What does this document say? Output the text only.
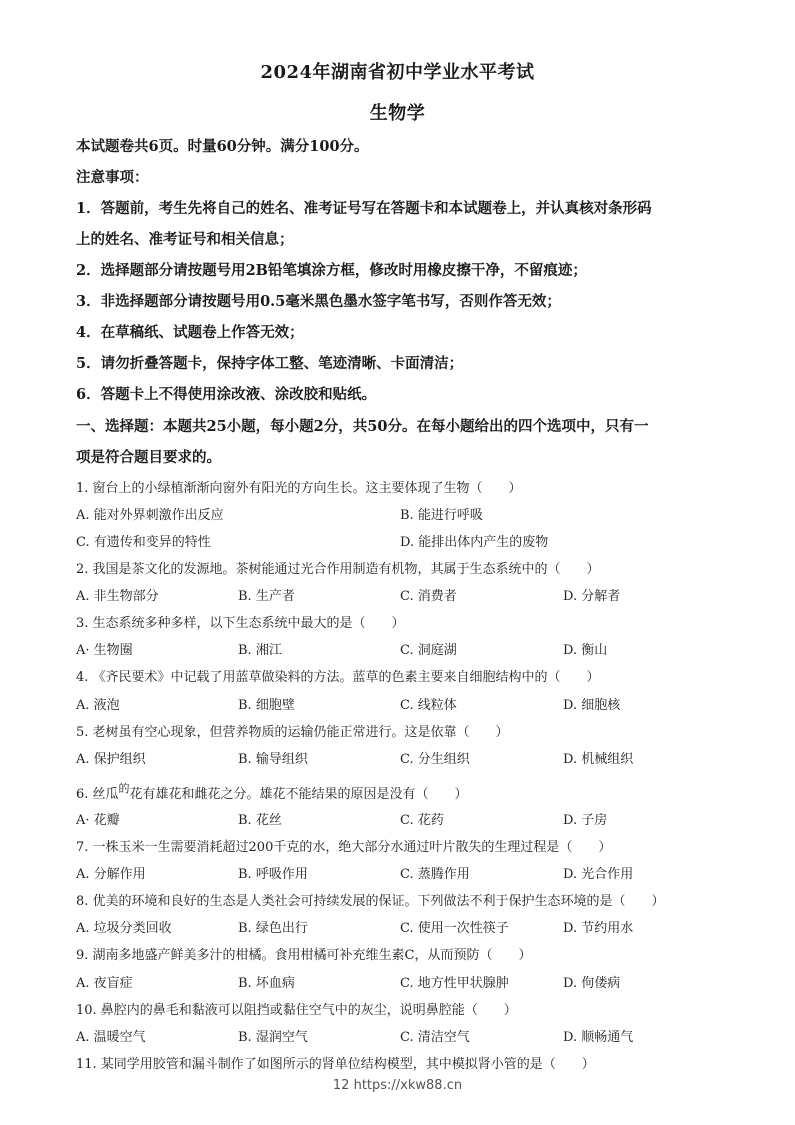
2024年湖南省初中学业水平考试
生物学
本试题卷共6页。时量60分钟。满分100分。
注意事项：
1．答题前，考生先将自己的姓名、准考证号写在答题卡和本试题卷上，并认真核对条形码
上的姓名、准考证号和相关信息；
2．选择题部分请按题号用2B铅笔填涂方框，修改时用橡皮擦干净，不留痕迹；
3．非选择题部分请按题号用0.5毫米黑色墨水签字笔书写，否则作答无效；
4．在草稿纸、试题卷上作答无效；
5．请勿折叠答题卡，保持字体工整、笔迹清晰、卡面清洁；
6．答题卡上不得使用涂改液、涂改胶和贴纸。
一、选择题：本题共25小题，每小题2分，共50分。在每小题给出的四个选项中，只有一
项是符合题目要求的。
1. 窗台上的小绿植渐渐向窗外有阳光的方向生长。这主要体现了生物（　　）
A. 能对外界刺激作出反应	B. 能进行呼吸
C. 有遗传和变异的特性	D. 能排出体内产生的废物
2. 我国是茶文化的发源地。茶树能通过光合作用制造有机物，其属于生态系统中的（　　）
A. 非生物部分	B. 生产者	C. 消费者	D. 分解者
3. 生态系统多种多样，以下生态系统中最大的是（　　）
A· 生物圈	B. 湘江	C. 洞庭湖	D. 衡山
4. 《齐民要术》中记载了用蓝草做染料的方法。蓝草的色素主要来自细胞结构中的（　　）
A. 液泡	B. 细胞壁	C. 线粒体	D. 细胞核
5. 老树虽有空心现象，但营养物质的运输仍能正常进行。这是依靠（　　）
A. 保护组织	B. 输导组织	C. 分生组织	D. 机械组织
6. 丝瓜$^的$花有雄花和雌花之分。雄花不能结果的原因是没有（　　）
A· 花瓣	B. 花丝	C. 花药	D. 子房
7. 一株玉米一生需要消耗超过200千克的水，绝大部分水通过叶片散失的生理过程是（　　）
A. 分解作用	B. 呼吸作用	C. 蒸腾作用	D. 光合作用
8. 优美的环境和良好的生态是人类社会可持续发展的保证。下列做法不利于保护生态环境的是（　　）
A. 垃圾分类回收	B. 绿色出行	C. 使用一次性筷子	D. 节约用水
9. 湖南多地盛产鲜美多汁的柑橘。食用柑橘可补充维生素C，从而预防（　　）
A. 夜盲症	B. 坏血病	C. 地方性甲状腺肿	D. 佝偻病
10. 鼻腔内的鼻毛和黏液可以阻挡或黏住空气中的灰尘，说明鼻腔能（　　）
A. 温暖空气	B. 湿润空气	C. 清洁空气	D. 顺畅通气
11. 某同学用胶管和漏斗制作了如图所示的肾单位结构模型，其中模拟肾小管的是（　　）
12 https://xkw88.cn
